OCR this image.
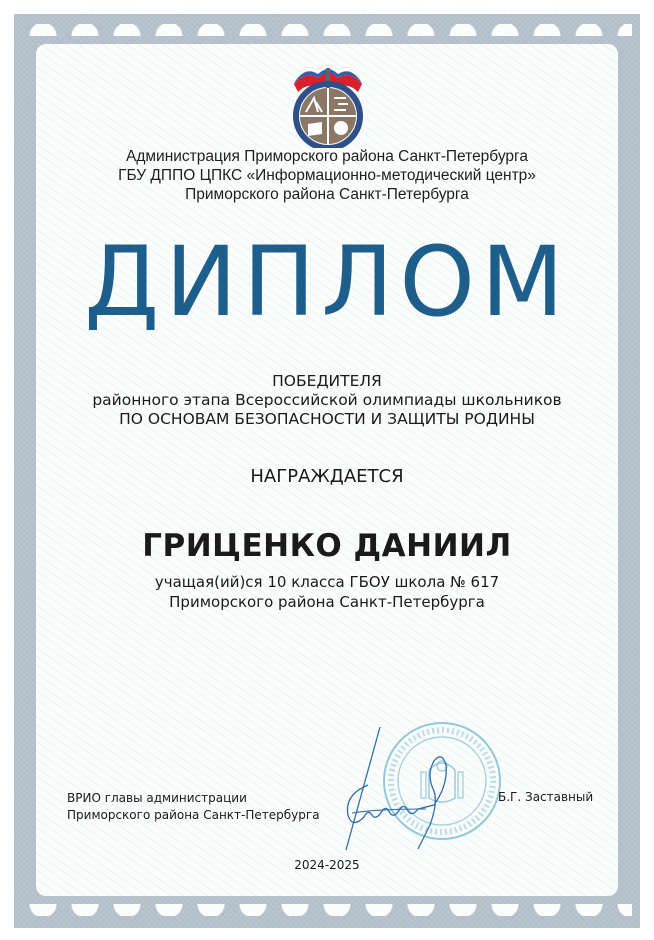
Администрация Приморского района Санкт-Петербурга
ГБУ ДППО ЦПКС «Информационно-методический центр»
Приморского района Санкт-Петербурга
ДИПЛОМ
ПОБЕДИТЕЛЯ
районного этапа Всероссийской олимпиады школьников
ПО ОСНОВАМ БЕЗОПАСНОСТИ И ЗАЩИТЫ РОДИНЫ
НАГРАЖДАЕТСЯ
ГРИЦЕНКО ДАНИИЛ
учащая(ий)ся 10 класса ГБОУ школа № 617
Приморского района Санкт-Петербурга
ВРИО главы администрации
Приморского района Санкт-Петербурга
Б.Г. Заставный
2024-2025
